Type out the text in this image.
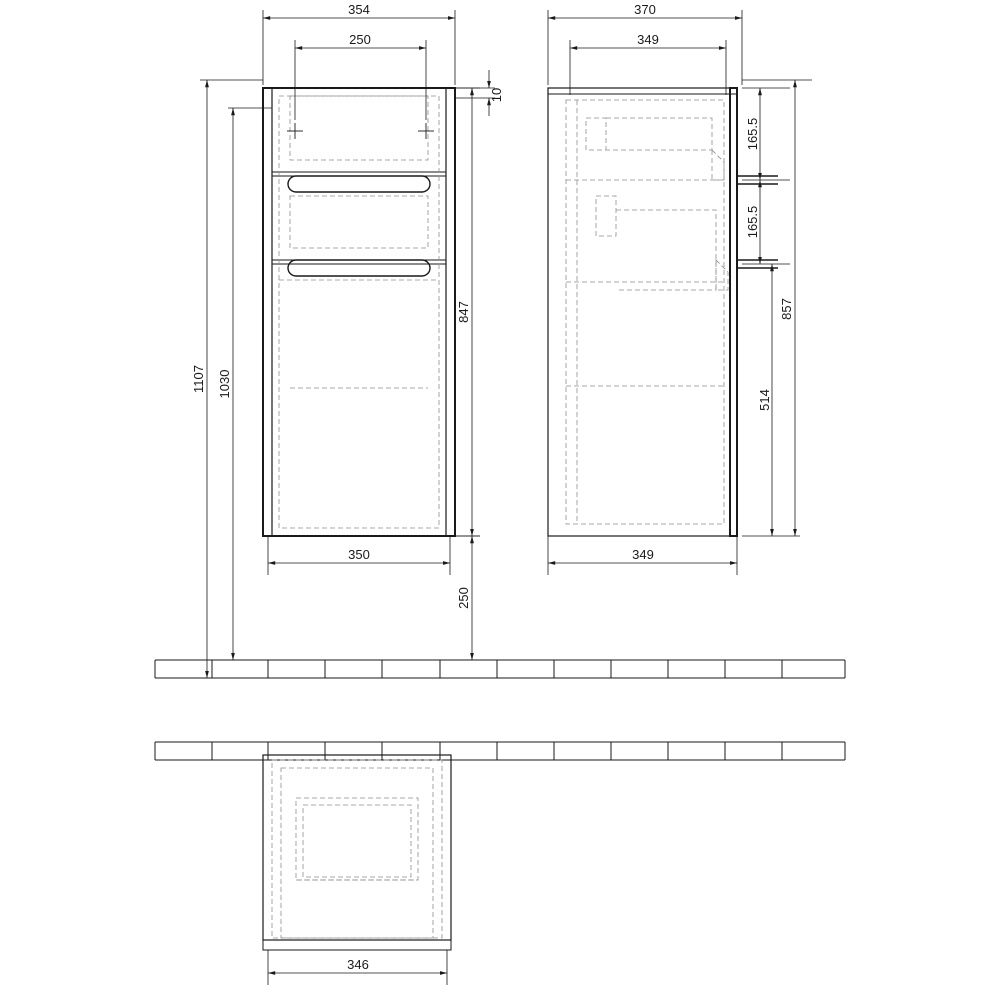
354
250
10
847
1107 1030
350
250
370
349
165.5
165.5
857
514
349
346
